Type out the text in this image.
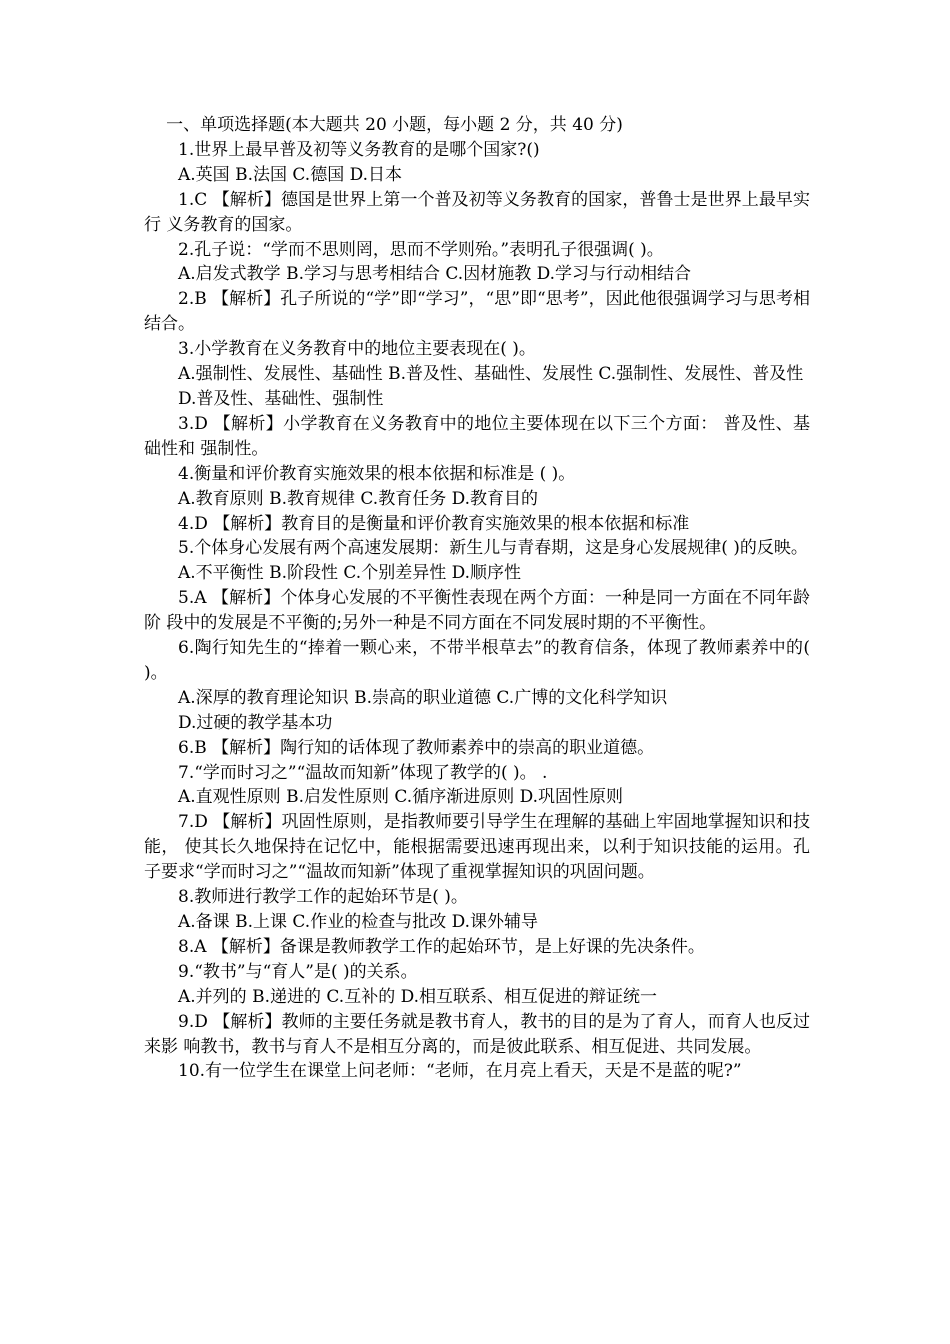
一、单项选择题(本大题共 20 小题，每小题 2 分，共 40 分)

1.世界上最早普及初等义务教育的是哪个国家?()

A.英国 B.法国 C.德国 D.日本

1.C 【解析】德国是世界上第一个普及初等义务教育的国家，普鲁士是世界上最早实行 义务教育的国家。

2.孔子说：“学而不思则罔，思而不学则殆。”表明孔子很强调( )。

A.启发式教学 B.学习与思考相结合 C.因材施教 D.学习与行动相结合

2.B 【解析】孔子所说的“学”即“学习”，“思”即“思考”，因此他很强调学习与思考相结合。

3.小学教育在义务教育中的地位主要表现在( )。

A.强制性、发展性、基础性 B.普及性、基础性、发展性 C.强制性、发展性、普及性

D.普及性、基础性、强制性

3.D 【解析】小学教育在义务教育中的地位主要体现在以下三个方面： 普及性、基础性和 强制性。

4.衡量和评价教育实施效果的根本依据和标准是 ( )。

A.教育原则 B.教育规律 C.教育任务 D.教育目的

4.D 【解析】教育目的是衡量和评价教育实施效果的根本依据和标准

5.个体身心发展有两个高速发展期：新生儿与青春期，这是身心发展规律( )的反映。

A.不平衡性 B.阶段性 C.个别差异性 D.顺序性

5.A 【解析】个体身心发展的不平衡性表现在两个方面：一种是同一方面在不同年龄阶 段中的发展是不平衡的;另外一种是不同方面在不同发展时期的不平衡性。

6.陶行知先生的“捧着一颗心来，不带半根草去”的教育信条，体现了教师素养中的( )。

A.深厚的教育理论知识 B.崇高的职业道德 C.广博的文化科学知识

D.过硬的教学基本功

6.B 【解析】陶行知的话体现了教师素养中的崇高的职业道德。

7.“学而时习之”“温故而知新”体现了教学的( )。 .

A.直观性原则 B.启发性原则 C.循序渐进原则 D.巩固性原则

7.D 【解析】巩固性原则，是指教师要引导学生在理解的基础上牢固地掌握知识和技能， 使其长久地保持在记忆中，能根据需要迅速再现出来，以利于知识技能的运用。孔子要求“学而时习之”“温故而知新”体现了重视掌握知识的巩固问题。

8.教师进行教学工作的起始环节是( )。

A.备课 B.上课 C.作业的检查与批改 D.课外辅导

8.A 【解析】备课是教师教学工作的起始环节，是上好课的先决条件。

9.“教书”与“育人”是( )的关系。

A.并列的 B.递进的 C.互补的 D.相互联系、相互促进的辩证统一

9.D 【解析】教师的主要任务就是教书育人，教书的目的是为了育人，而育人也反过来影 响教书，教书与育人不是相互分离的，而是彼此联系、相互促进、共同发展。

10.有一位学生在课堂上问老师：“老师，在月亮上看天，天是不是蓝的呢?”
